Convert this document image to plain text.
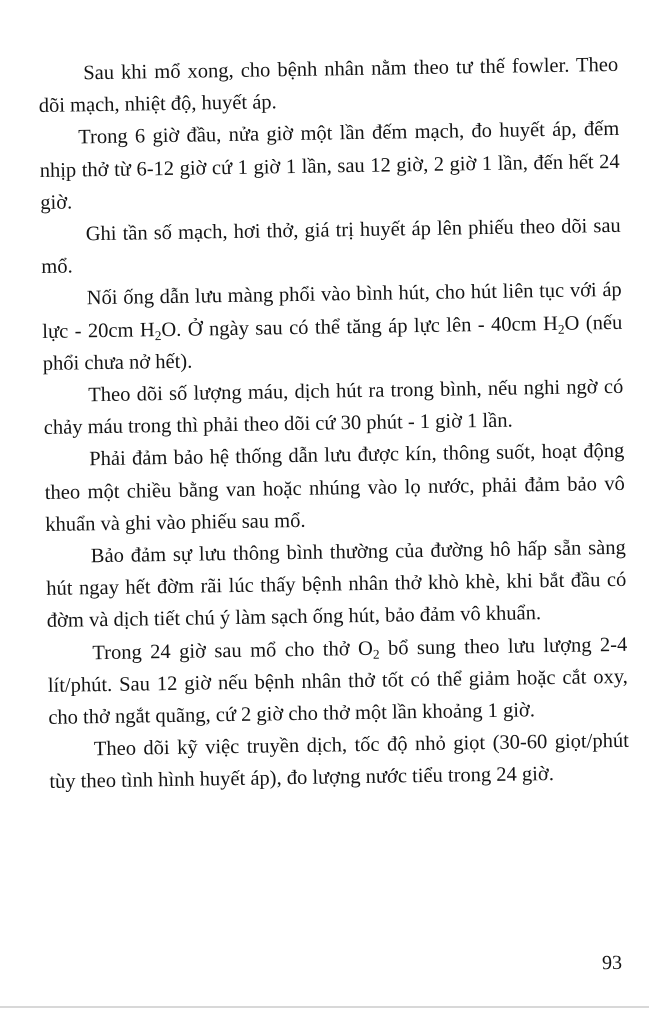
Sau khi mổ xong, cho bệnh nhân nằm theo tư thế fowler. Theo dõi mạch, nhiệt độ, huyết áp.

Trong 6 giờ đầu, nửa giờ một lần đếm mạch, đo huyết áp, đếm nhịp thở từ 6-12 giờ cứ 1 giờ 1 lần, sau 12 giờ, 2 giờ 1 lần, đến hết 24 giờ.

Ghi tần số mạch, hơi thở, giá trị huyết áp lên phiếu theo dõi sau mổ.

Nối ống dẫn lưu màng phổi vào bình hút, cho hút liên tục với áp lực - 20cm $H_2O$. Ở ngày sau có thể tăng áp lực lên - 40cm $H_2O$ (nếu phổi chưa nở hết).

Theo dõi số lượng máu, dịch hút ra trong bình, nếu nghi ngờ có chảy máu trong thì phải theo dõi cứ 30 phút - 1 giờ 1 lần.

Phải đảm bảo hệ thống dẫn lưu được kín, thông suốt, hoạt động theo một chiều bằng van hoặc nhúng vào lọ nước, phải đảm bảo vô khuẩn và ghi vào phiếu sau mổ.

Bảo đảm sự lưu thông bình thường của đường hô hấp sẵn sàng hút ngay hết đờm rãi lúc thấy bệnh nhân thở khò khè, khi bắt đầu có đờm và dịch tiết chú ý làm sạch ống hút, bảo đảm vô khuẩn.

Trong 24 giờ sau mổ cho thở $O_2$ bổ sung theo lưu lượng 2-4 lít/phút. Sau 12 giờ nếu bệnh nhân thở tốt có thể giảm hoặc cắt oxy, cho thở ngắt quãng, cứ 2 giờ cho thở một lần khoảng 1 giờ.

Theo dõi kỹ việc truyền dịch, tốc độ nhỏ giọt (30-60 giọt/phút tùy theo tình hình huyết áp), đo lượng nước tiểu trong 24 giờ.

93
